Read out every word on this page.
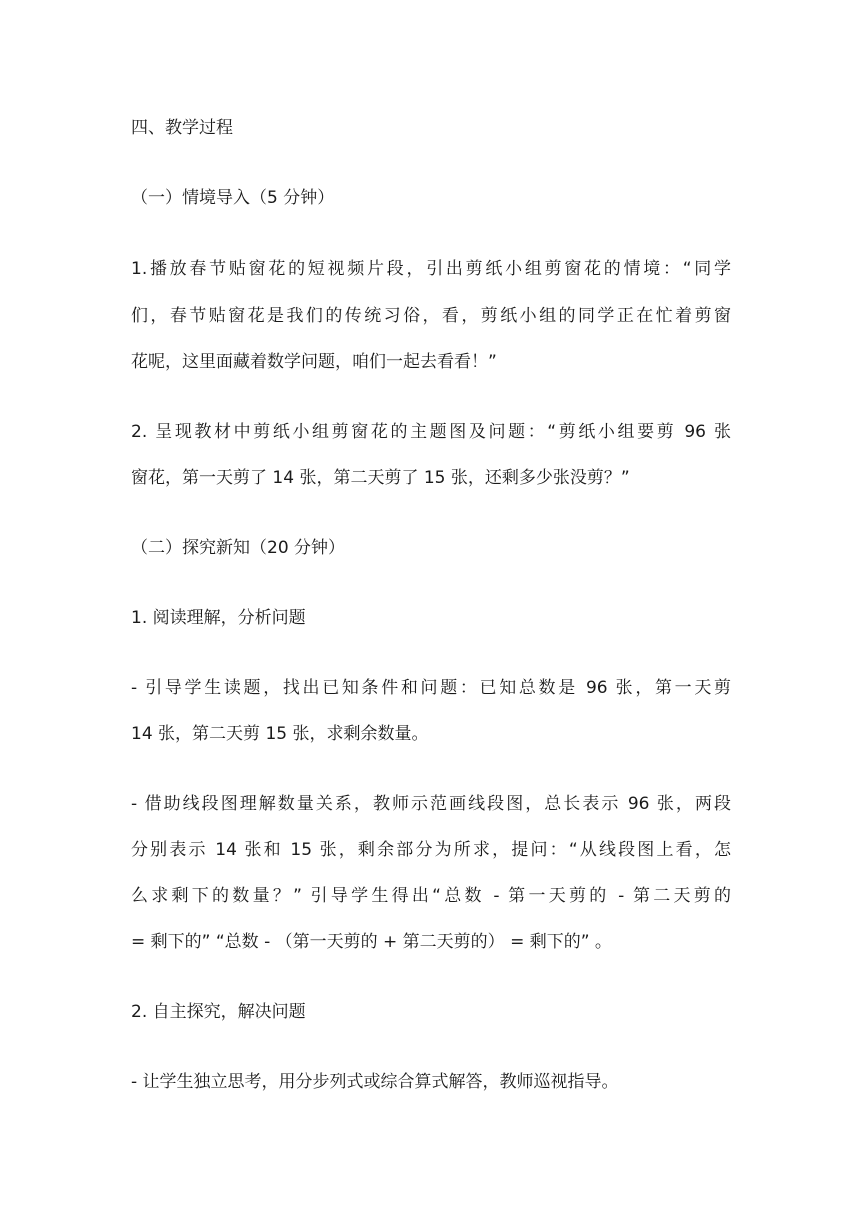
四、教学过程

（一）情境导入（5 分钟）

1.播放春节贴窗花的短视频片段，引出剪纸小组剪窗花的情境：“同学

们，春节贴窗花是我们的传统习俗，看，剪纸小组的同学正在忙着剪窗

花呢，这里面藏着数学问题，咱们一起去看看！”

2. 呈现教材中剪纸小组剪窗花的主题图及问题：“剪纸小组要剪 96 张

窗花，第一天剪了 14 张，第二天剪了 15 张，还剩多少张没剪？”

（二）探究新知（20 分钟）

1. 阅读理解，分析问题

- 引导学生读题，找出已知条件和问题：已知总数是 96 张，第一天剪

14 张，第二天剪 15 张，求剩余数量。

- 借助线段图理解数量关系，教师示范画线段图，总长表示 96 张，两段

分别表示 14 张和 15 张，剩余部分为所求，提问：“从线段图上看，怎

么求剩下的数量？” 引导学生得出“总数 - 第一天剪的 - 第二天剪的

= 剩下的” “总数 - （第一天剪的 + 第二天剪的） = 剩下的” 。

2. 自主探究，解决问题

- 让学生独立思考，用分步列式或综合算式解答，教师巡视指导。
